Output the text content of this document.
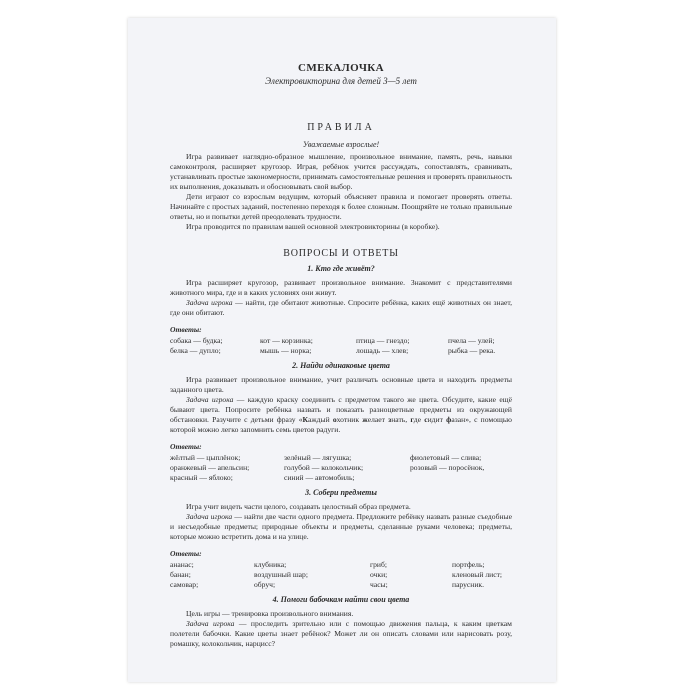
СМЕКАЛОЧКА
Электровикторина для детей 3—5 лет
ПРАВИЛА
Уважаемые взрослые!

Игра развивает наглядно-образное мышление, произвольное внимание, память, речь, навыки самоконтроля, расширяет кругозор. Играя, ребёнок учится рассуждать, сопоставлять, сравнивать, устанавливать простые закономерности, принимать самостоятельные решения и проверять правильность их выполнения, доказывать и обосновывать свой выбор.

Дети играют со взрослым ведущим, который объясняет правила и помогает проверять ответы. Начинайте с простых заданий, постепенно переходя к более сложным. Поощряйте не только правильные ответы, но и попытки детей преодолевать трудности.

Игра проводится по правилам вашей основной электровикторины (в коробке).

ВОПРОСЫ И ОТВЕТЫ
1. Кто где живёт?

Игра расширяет кругозор, развивает произвольное внимание. Знакомит с представителями животного мира, где и в каких условиях они живут.

Задача игрока — найти, где обитают животные. Спросите ребёнка, каких ещё животных он знает, где они обитают.

Ответы:
собака — будка;	кот — корзинка;	птица — гнездо;	пчела — улей;
белка — дупло;	мышь — норка;	лошадь — хлев;	рыбка — река.
2. Найди одинаковые цвета

Игра развивает произвольное внимание, учит различать основные цвета и находить предметы заданного цвета.

Задача игрока — каждую краску соединить с предметом такого же цвета. Обсудите, какие ещё бывают цвета. Попросите ребёнка назвать и показать разноцветные предметы из окружающей обстановки. Разучите с детьми фразу «Каждый охотник желает знать, где сидит фазан», с помощью которой можно легко запомнить семь цветов радуги.

Ответы:
жёлтый — цыплёнок;	зелёный — лягушка;	фиолетовый — слива;
оранжевый — апельсин;	голубой — колокольчик;	розовый — поросёнок,
красный — яблоко;	синий — автомобиль;
3. Собери предметы

Игра учит видеть части целого, создавать целостный образ предмета.

Задача игрока — найти две части одного предмета. Предложите ребёнку назвать разные съедобные и несъедобные предметы; природные объекты и предметы, сделанные руками человека; предметы, которые можно встретить дома и на улице.

Ответы:
ананас;	клубника;	гриб;	портфель;
банан;	воздушный шар;	очки;	кленовый лист;
самовар;	обруч;	часы;	парусник.
4. Помоги бабочкам найти свои цвета

Цель игры — тренировка произвольного внимания.

Задача игрока — проследить зрительно или с помощью движения пальца, к каким цветкам полетели бабочки. Какие цветы знает ребёнок? Может ли он описать словами или нарисовать розу, ромашку, колокольчик, нарцисс?
